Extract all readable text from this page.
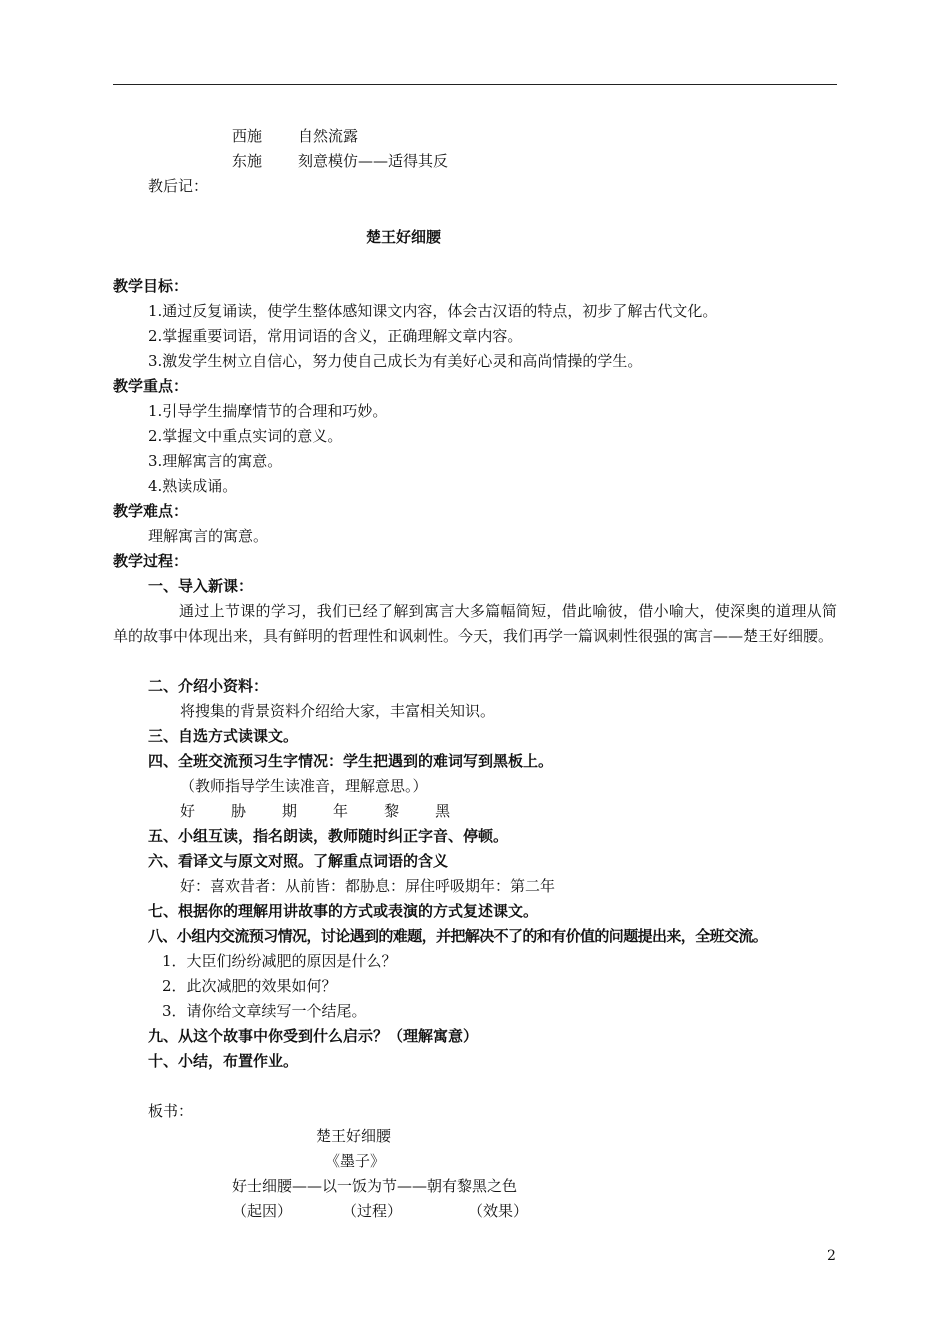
西施 自然流露
东施 刻意模仿——适得其反
教后记：
楚王好细腰
教学目标：
1.通过反复诵读，使学生整体感知课文内容，体会古汉语的特点，初步了解古代文化。
2.掌握重要词语，常用词语的含义，正确理解文章内容。
3.激发学生树立自信心，努力使自己成长为有美好心灵和高尚情操的学生。
教学重点：
1.引导学生揣摩情节的合理和巧妙。
2.掌握文中重点实词的意义。
3.理解寓言的寓意。
4.熟读成诵。
教学难点：
理解寓言的寓意。
教学过程：
一、导入新课：
通过上节课的学习，我们已经了解到寓言大多篇幅简短，借此喻彼，借小喻大，使深奥的道理从简单的故事中体现出来，具有鲜明的哲理性和讽刺性。今天，我们再学一篇讽刺性很强的寓言——楚王好细腰。
二、介绍小资料：
将搜集的背景资料介绍给大家，丰富相关知识。
三、自选方式读课文。
四、全班交流预习生字情况：学生把遇到的难词写到黑板上。
（教师指导学生读准音，理解意思。）
好 胁 期 年 黎 黑
五、小组互读，指名朗读，教师随时纠正字音、停顿。
六、看译文与原文对照。了解重点词语的含义
好：喜欢昔者：从前皆：都胁息：屏住呼吸期年：第二年
七、根据你的理解用讲故事的方式或表演的方式复述课文。
八、小组内交流预习情况，讨论遇到的难题，并把解决不了的和有价值的问题提出来，全班交流。
1．大臣们纷纷减肥的原因是什么？
2．此次减肥的效果如何？
3．请你给文章续写一个结尾。
九、从这个故事中你受到什么启示？（理解寓意）
十、小结，布置作业。
板书：
楚王好细腰
《墨子》
好士细腰——以一饭为节——朝有黎黑之色
（起因）	（过程）	（效果）
2
